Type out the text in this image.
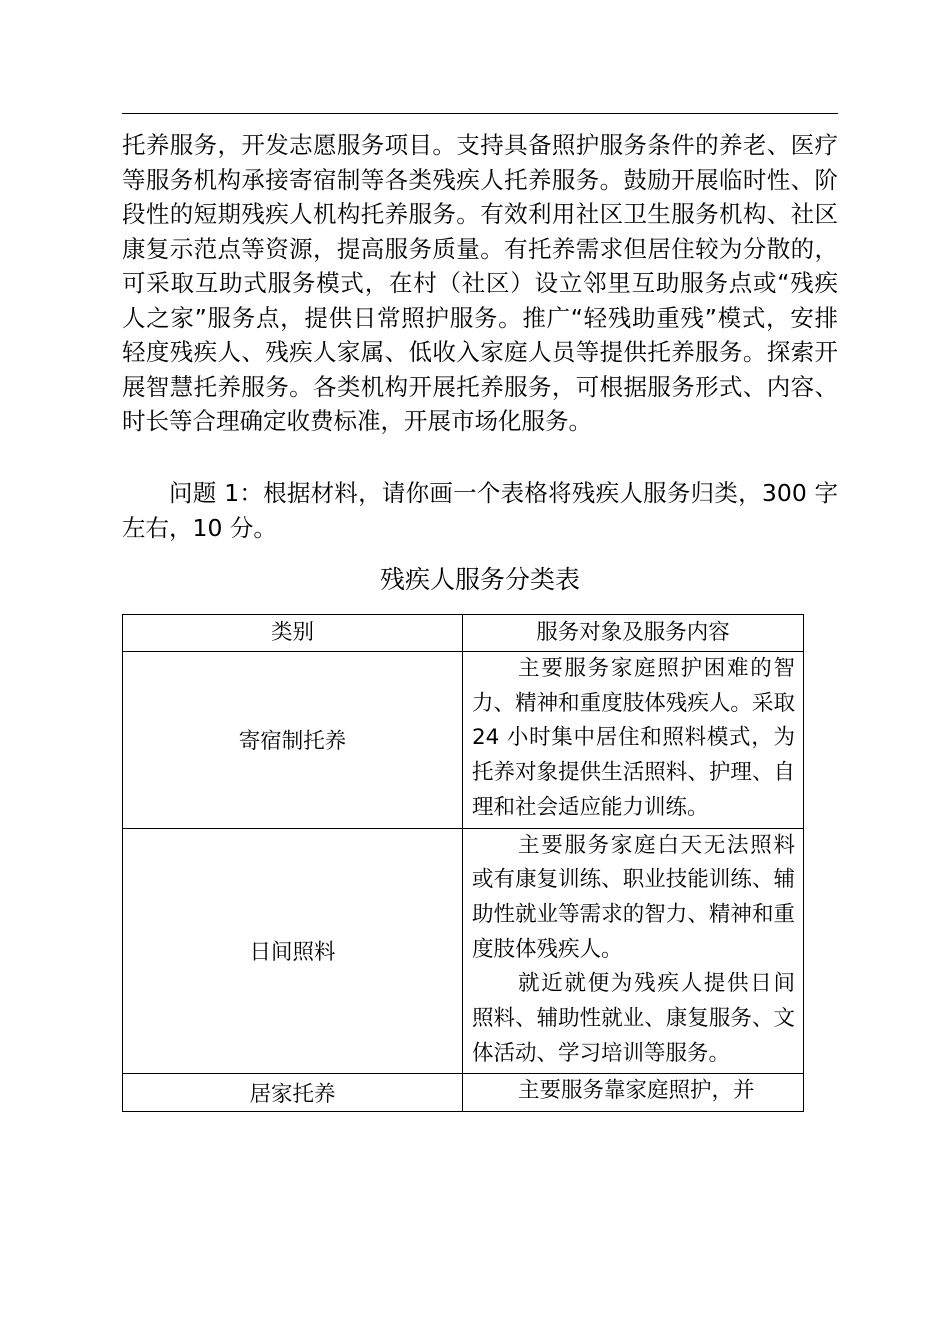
托养服务，开发志愿服务项目。支持具备照护服务条件的养老、医疗等服务机构承接寄宿制等各类残疾人托养服务。鼓励开展临时性、阶段性的短期残疾人机构托养服务。有效利用社区卫生服务机构、社区康复示范点等资源，提高服务质量。有托养需求但居住较为分散的，可采取互助式服务模式，在村（社区）设立邻里互助服务点或“残疾人之家”服务点，提供日常照护服务。推广“轻残助重残”模式，安排轻度残疾人、残疾人家属、低收入家庭人员等提供托养服务。探索开展智慧托养服务。各类机构开展托养服务，可根据服务形式、内容、时长等合理确定收费标准，开展市场化服务。

问题 1：根据材料，请你画一个表格将残疾人服务归类，300 字左右，10 分。

残疾人服务分类表
类别	服务对象及服务内容
寄宿制托养	主要服务家庭照护困难的智力、精神和重度肢体残疾人。采取 24 小时集中居住和照料模式，为托养对象提供生活照料、护理、自理和社会适应能力训练。

日间照料	主要服务家庭白天无法照料或有康复训练、职业技能训练、辅助性就业等需求的智力、精神和重度肢体残疾人。

就近就便为残疾人提供日间照料、辅助性就业、康复服务、文体活动、学习培训等服务。

居家托养	主要服务靠家庭照护，并
